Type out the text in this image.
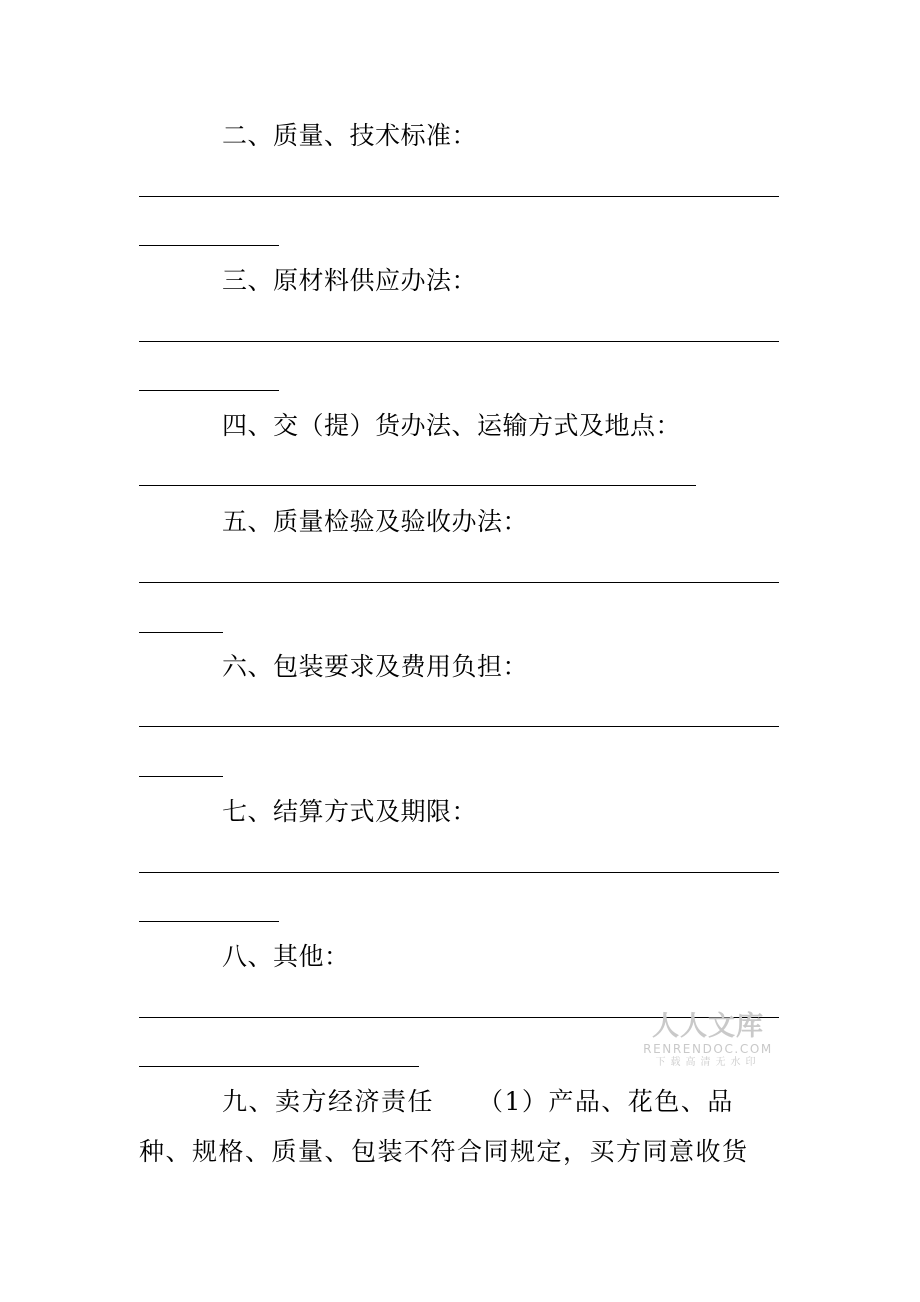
二、质量、技术标准：
三、原材料供应办法：
四、交（提）货办法、运输方式及地点：
五、质量检验及验收办法：
六、包装要求及费用负担：
七、结算方式及期限：
八、其他：
人人文库
RENRENDOC.COM
下载高清无水印
九、卖方经济责任 （1）产品、花色、品
种、规格、质量、包装不符合同规定，买方同意收货
